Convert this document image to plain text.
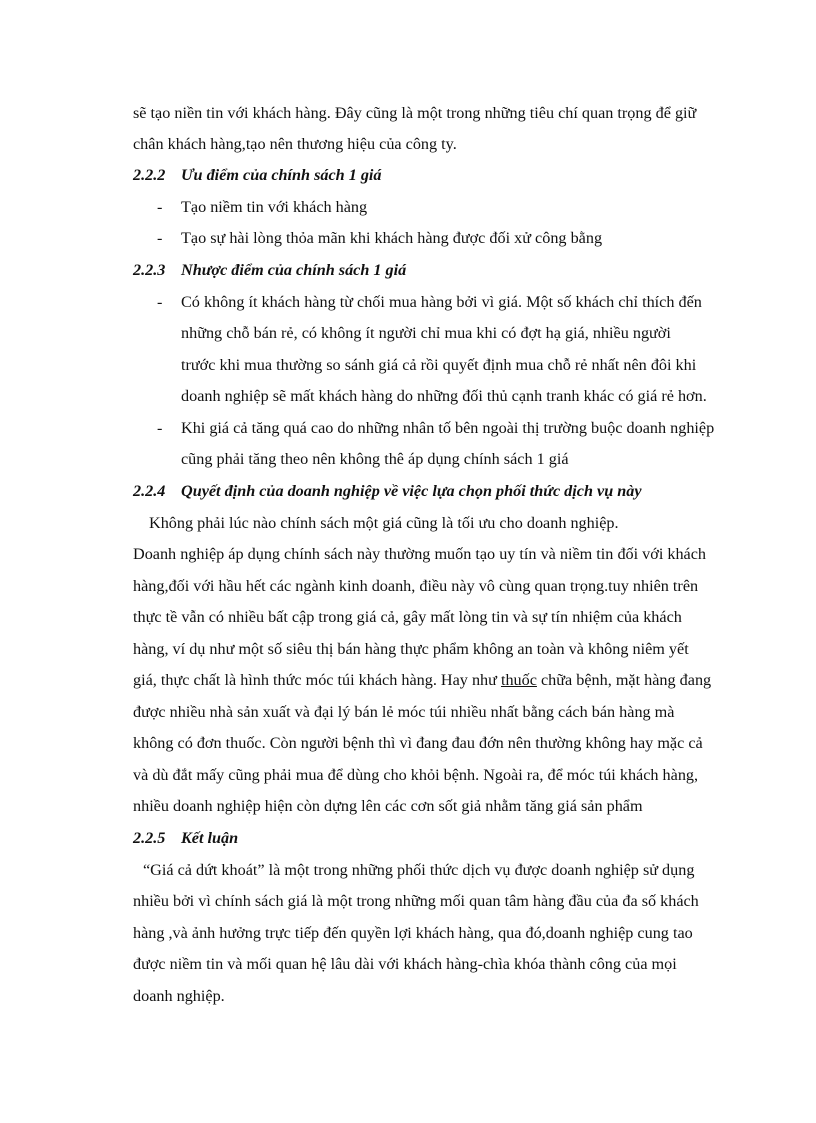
sẽ tạo niền tin với khách hàng. Đây cũng là một trong những tiêu chí quan trọng để giữ
chân khách hàng,tạo nên thương hiệu của công ty.
2.2.2 Ưu điểm của chính sách 1 giá
- Tạo niềm tin với khách hàng
- Tạo sự hài lòng thỏa mãn khi khách hàng được đối xử công bằng
2.2.3 Nhược điểm của chính sách 1 giá
- Có không ít khách hàng từ chối mua hàng bởi vì giá. Một số khách chỉ thích đến
những chỗ bán rẻ, có không ít người chỉ mua khi có đợt hạ giá, nhiều người
trước khi mua thường so sánh giá cả rồi quyết định mua chỗ rẻ nhất nên đôi khi
doanh nghiệp sẽ mất khách hàng do những đối thủ cạnh tranh khác có giá rẻ hơn.
- Khi giá cả tăng quá cao do những nhân tố bên ngoài thị trường buộc doanh nghiệp
cũng phải tăng theo nên không thê áp dụng chính sách 1 giá
2.2.4 Quyết định của doanh nghiệp về việc lựa chọn phối thức dịch vụ này
Không phải lúc nào chính sách một giá cũng là tối ưu cho doanh nghiệp.
Doanh nghiệp áp dụng chính sách này thường muốn tạo uy tín và niềm tin đối với khách
hàng,đối với hầu hết các ngành kinh doanh, điều này vô cùng quan trọng.tuy nhiên trên
thực tề vẫn có nhiều bất cập trong giá cả, gây mất lòng tin và sự tín nhiệm của khách
hàng, ví dụ như một số siêu thị bán hàng thực phẩm không an toàn và không niêm yết
giá, thực chất là hình thức móc túi khách hàng. Hay như thuốc chữa bệnh, mặt hàng đang
được nhiều nhà sản xuất và đại lý bán lẻ móc túi nhiều nhất bằng cách bán hàng mà
không có đơn thuốc. Còn người bệnh thì vì đang đau đớn nên thường không hay mặc cả
và dù đắt mấy cũng phải mua để dùng cho khỏi bệnh. Ngoài ra, để móc túi khách hàng,
nhiều doanh nghiệp hiện còn dựng lên các cơn sốt giả nhằm tăng giá sản phẩm
2.2.5 Kết luận
“Giá cả dứt khoát” là một trong những phối thức dịch vụ được doanh nghiệp sử dụng
nhiều bởi vì chính sách giá là một trong những mối quan tâm hàng đầu của đa số khách
hàng ,và ảnh hưởng trực tiếp đến quyền lợi khách hàng, qua đó,doanh nghiệp cung tao
được niềm tin và mối quan hệ lâu dài với khách hàng-chìa khóa thành công của mọi
doanh nghiệp.
